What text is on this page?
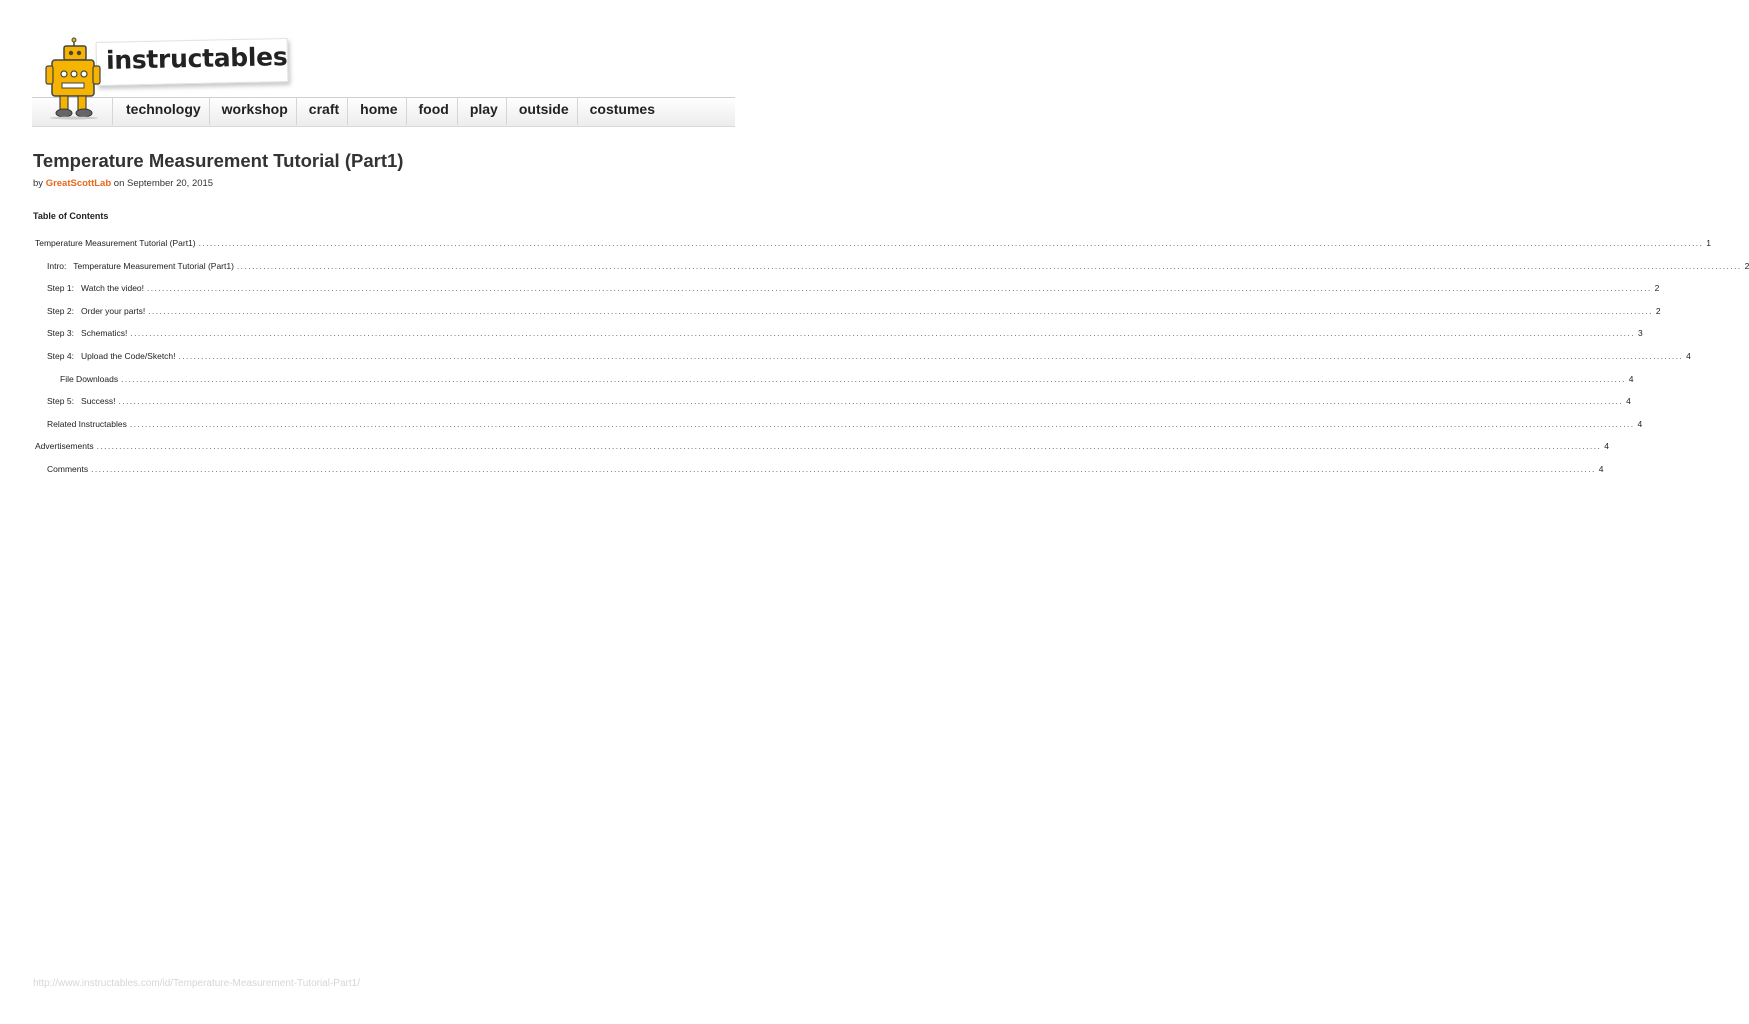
instructables
technology	workshop	craft	home	food	play	outside	costumes
Temperature Measurement Tutorial (Part1)
by GreatScottLab on September 20, 2015
Table of Contents
Temperature Measurement Tutorial (Part1) ................................................................................................................................................................................................................................................................................................................................................................................................................ 1
Intro:   Temperature Measurement Tutorial (Part1) ................................................................................................................................................................................................................................................................................................................................................................................................................ 2
Step 1:   Watch the video! ................................................................................................................................................................................................................................................................................................................................................................................................................ 2
Step 2:   Order your parts! ................................................................................................................................................................................................................................................................................................................................................................................................................ 2
Step 3:   Schematics! ................................................................................................................................................................................................................................................................................................................................................................................................................ 3
Step 4:   Upload the Code/Sketch! ................................................................................................................................................................................................................................................................................................................................................................................................................ 4
File Downloads ................................................................................................................................................................................................................................................................................................................................................................................................................ 4
Step 5:   Success! ................................................................................................................................................................................................................................................................................................................................................................................................................ 4
Related Instructables ................................................................................................................................................................................................................................................................................................................................................................................................................ 4
Advertisements ................................................................................................................................................................................................................................................................................................................................................................................................................ 4
Comments ................................................................................................................................................................................................................................................................................................................................................................................................................ 4
http://www.instructables.com/id/Temperature-Measurement-Tutorial-Part1/
